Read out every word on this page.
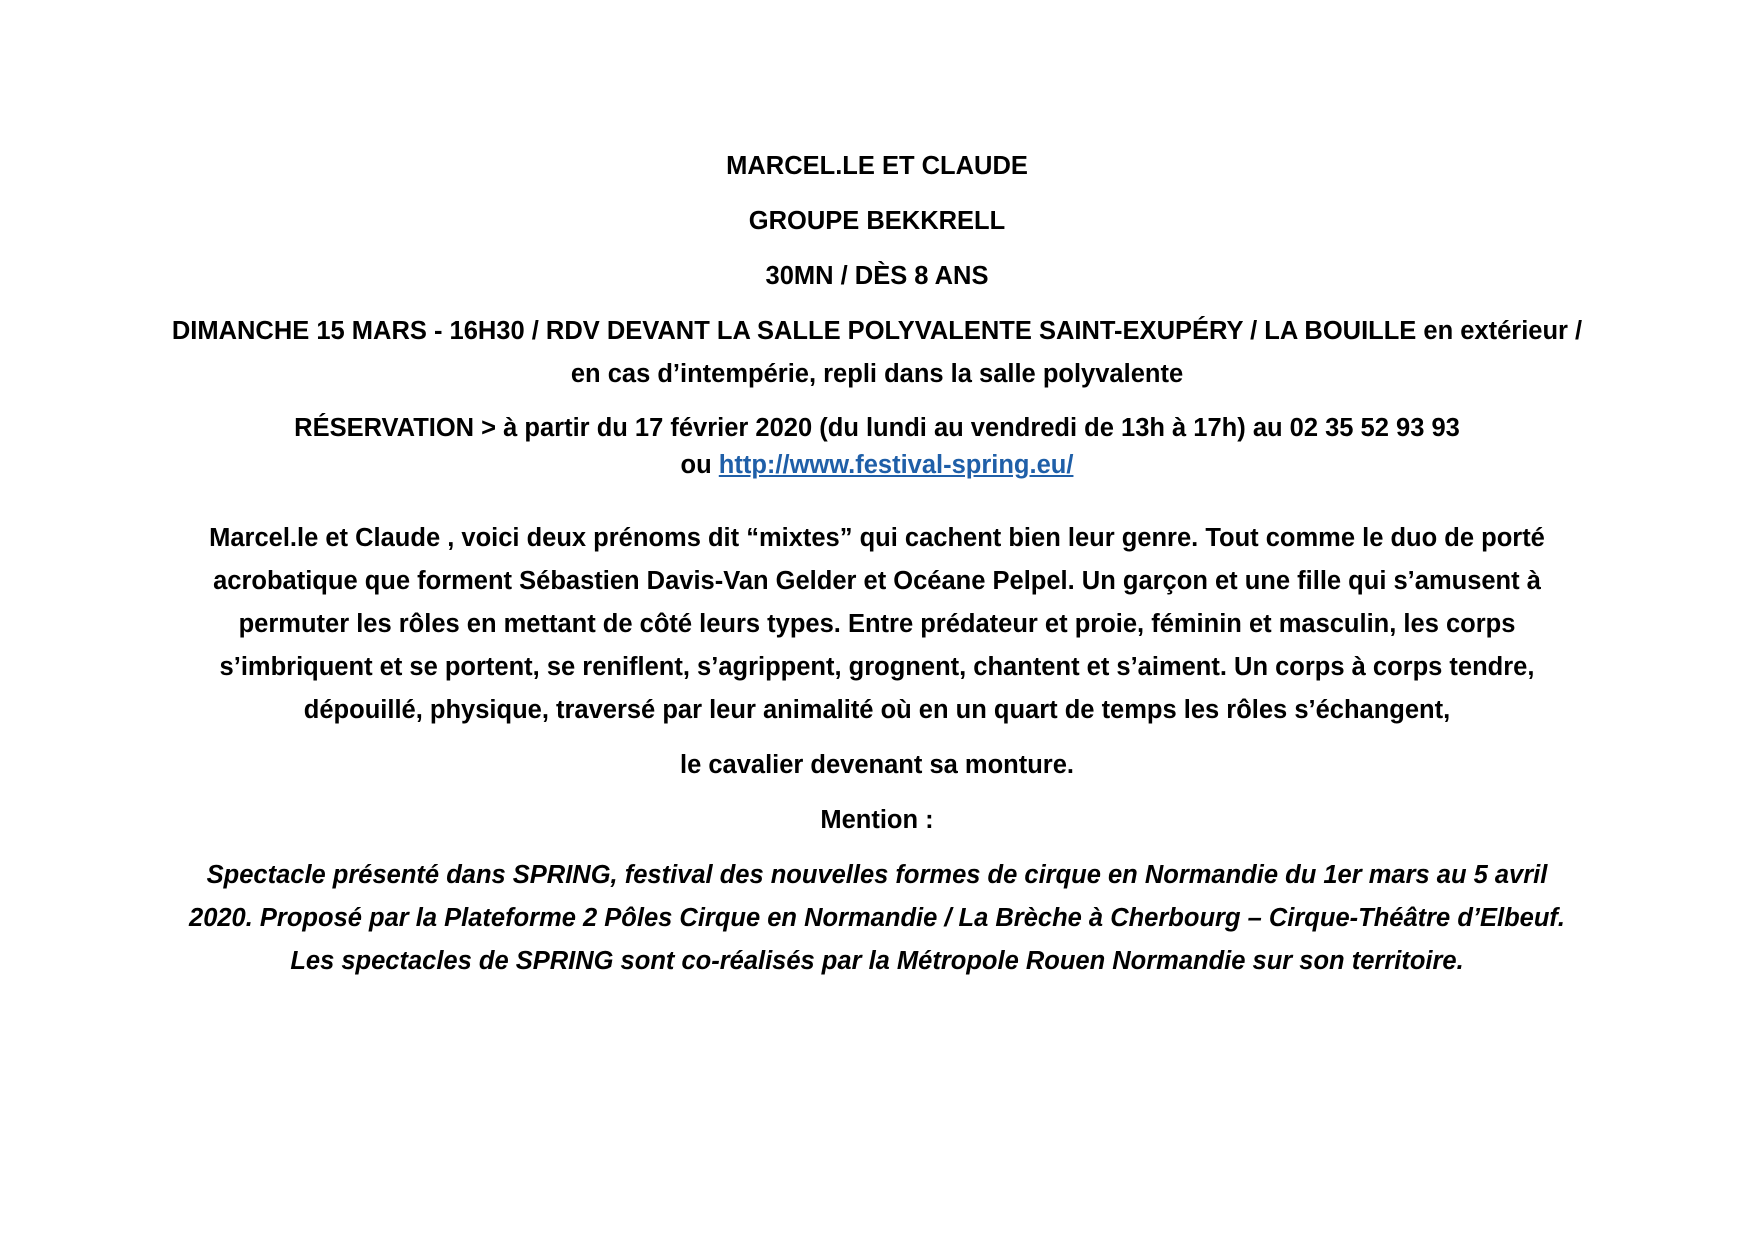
MARCEL.LE ET CLAUDE
GROUPE BEKKRELL
30MN / DÈS 8 ANS
DIMANCHE 15 MARS - 16H30 / RDV DEVANT LA SALLE POLYVALENTE SAINT-EXUPÉRY / LA BOUILLE en extérieur /
en cas d’intempérie, repli dans la salle polyvalente
RÉSERVATION > à partir du 17 février 2020 (du lundi au vendredi de 13h à 17h) au 02 35 52 93 93
ou http://www.festival-spring.eu/
Marcel.le et Claude , voici deux prénoms dit “mixtes” qui cachent bien leur genre. Tout comme le duo de porté
acrobatique que forment Sébastien Davis-Van Gelder et Océane Pelpel. Un garçon et une fille qui s’amusent à
permuter les rôles en mettant de côté leurs types. Entre prédateur et proie, féminin et masculin, les corps
s’imbriquent et se portent, se reniflent, s’agrippent, grognent, chantent et s’aiment. Un corps à corps tendre,
dépouillé, physique, traversé par leur animalité où en un quart de temps les rôles s’échangent,
le cavalier devenant sa monture.
Mention :
Spectacle présenté dans SPRING, festival des nouvelles formes de cirque en Normandie du 1er mars au 5 avril
2020. Proposé par la Plateforme 2 Pôles Cirque en Normandie / La Brèche à Cherbourg – Cirque-Théâtre d’Elbeuf.
Les spectacles de SPRING sont co-réalisés par la Métropole Rouen Normandie sur son territoire.
